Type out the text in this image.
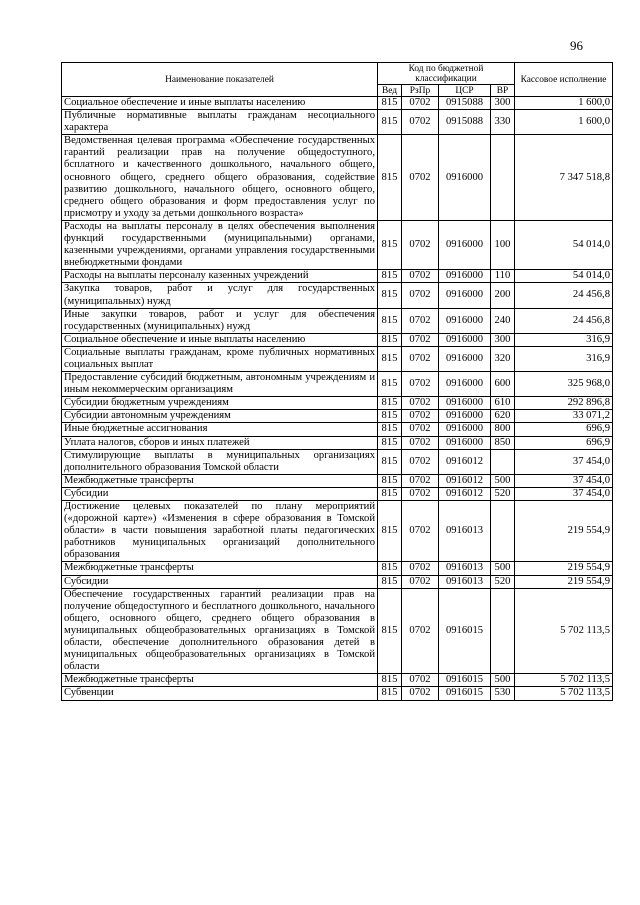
96
Наименование показателей	Код по бюджетной классификации				Кассовое исполнение
	Вед	РзПр	ЦСР	ВР	
Социальное обеспечение и иные выплаты населению	815	0702	0915088	300	1 600,0
Публичные нормативные выплаты гражданам несоциального характера	815	0702	0915088	330	1 600,0
Ведомственная целевая программа «Обеспечение государственных гарантий реализации прав на получение общедоступного, бсплатного и качественного дошкольного, начального общего, основного общего, среднего общего образования, содействие развитию дошкольного, начального общего, основного общего, среднего общего образования и форм предоставления услуг по присмотру и уходу за детьми дошкольного возраста»	815	0702	0916000		7 347 518,8
Расходы на выплаты персоналу в целях обеспечения выполнения функций государственными (муниципальными) органами, казенными учреждениями, органами управления государственными внебюджетными фондами	815	0702	0916000	100	54 014,0
Расходы на выплаты персоналу казенных учреждений	815	0702	0916000	110	54 014,0
Закупка товаров, работ и услуг для государственных (муниципальных) нужд	815	0702	0916000	200	24 456,8
Иные закупки товаров, работ и услуг для обеспечения государственных (муниципальных) нужд	815	0702	0916000	240	24 456,8
Социальное обеспечение и иные выплаты населению	815	0702	0916000	300	316,9
Социальные выплаты гражданам, кроме публичных нормативных социальных выплат	815	0702	0916000	320	316,9
Предоставление субсидий бюджетным, автономным учреждениям и иным некоммерческим организациям	815	0702	0916000	600	325 968,0
Субсидии бюджетным учреждениям	815	0702	0916000	610	292 896,8
Субсидии автономным учреждениям	815	0702	0916000	620	33 071,2
Иные бюджетные ассигнования	815	0702	0916000	800	696,9
Уплата налогов, сборов и иных платежей	815	0702	0916000	850	696,9
Стимулирующие выплаты в муниципальных организациях дополнительного образования Томской области	815	0702	0916012		37 454,0
Межбюджетные трансферты	815	0702	0916012	500	37 454,0
Субсидии	815	0702	0916012	520	37 454,0
Достижение целевых показателей по плану мероприятий («дорожной карте») «Изменения в сфере образования в Томской области» в части повышения заработной платы педагогических работников муниципальных организаций дополнительного образования	815	0702	0916013		219 554,9
Межбюджетные трансферты	815	0702	0916013	500	219 554,9
Субсидии	815	0702	0916013	520	219 554,9
Обеспечение государственных гарантий реализации прав на получение общедоступного и бесплатного дошкольного, начального общего, основного общего, среднего общего образования в муниципальных общеобразовательных организациях в Томской области, обеспечение дополнительного образования детей в муниципальных общеобразовательных организациях в Томской области	815	0702	0916015		5 702 113,5
Межбюджетные трансферты	815	0702	0916015	500	5 702 113,5
Субвенции	815	0702	0916015	530	5 702 113,5
